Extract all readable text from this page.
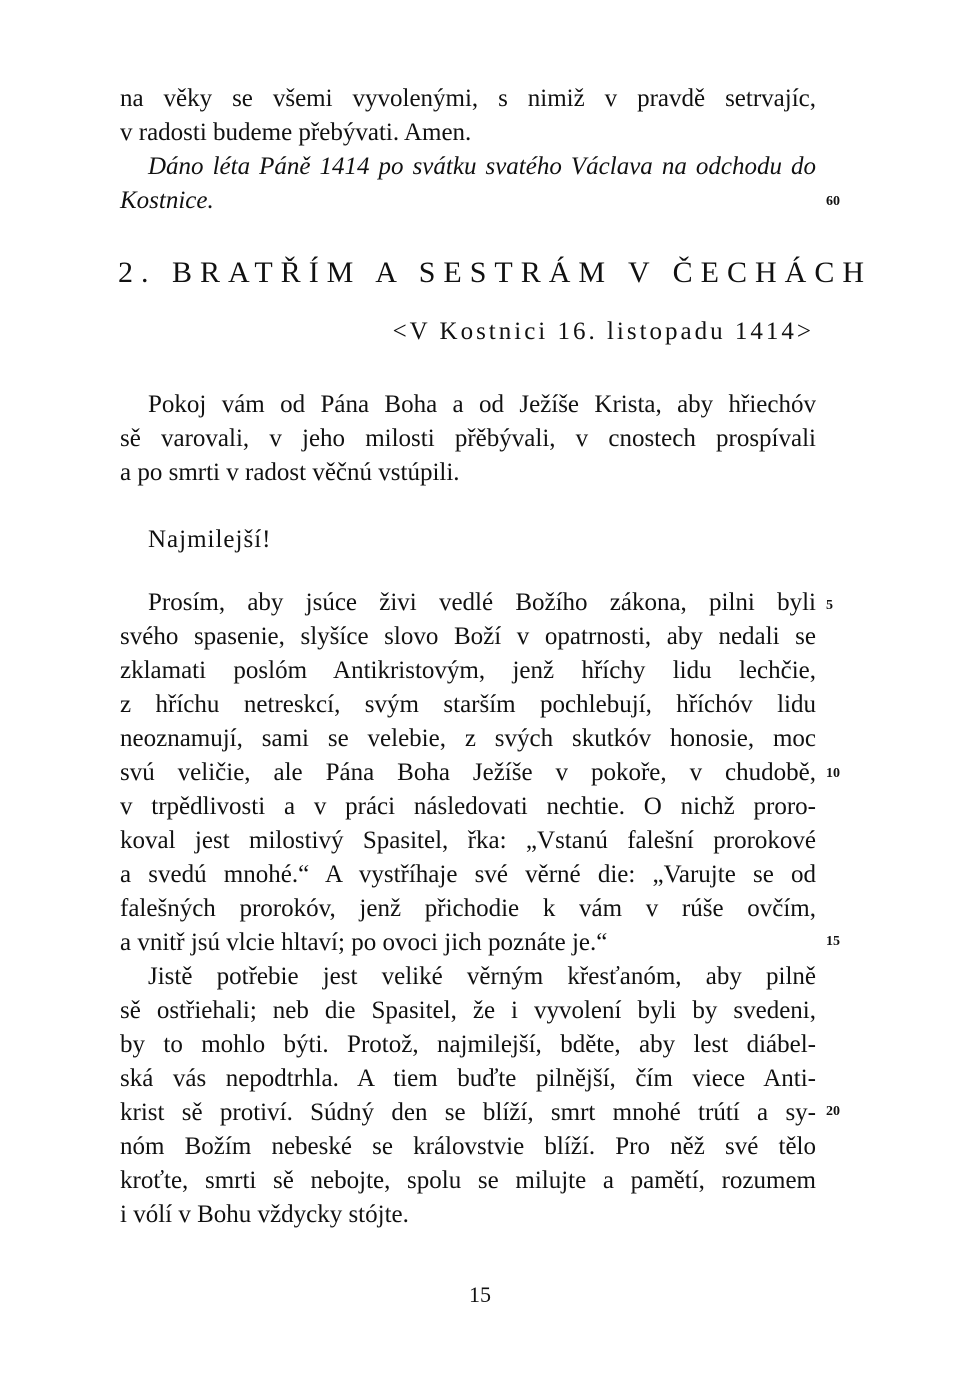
na věky se všemi vyvolenými, s nimiž v pravdě setrvajíc,
v radosti budeme přebývati. Amen.
Dáno léta Páně 1414 po svátku svatého Václava na odchodu do
Kostnice.	60
2. BRATŘÍM A SESTRÁM V ČECHÁCH
<V Kostnici 16. listopadu 1414>
Pokoj vám od Pána Boha a od Ježíše Krista, aby hřiechóv
sě varovali, v jeho milosti přěbývali, v cnostech prospívali
a po smrti v radost věčnú vstúpili.
Najmilejší!
Prosím, aby jsúce živi vedlé Božího zákona, pilni byli
svého spasenie, slyšíce slovo Boží v opatrnosti, aby nedali se
zklamati poslóm Antikristovým, jenž hříchy lidu lechčie,
z hříchu netreskcí, svým starším pochlebují, hříchóv lidu
neoznamují, sami se velebie, z svých skutkóv honosie, moc
svú veličie, ale Pána Boha Ježíše v pokoře, v chudobě,
v trpědlivosti a v práci následovati nechtie. O nichž proro-
koval jest milostivý Spasitel, řka: „Vstanú falešní prorokové
a svedú mnohé.“ A vystříhaje své věrné die: „Varujte se od
falešných prorokóv, jenž přichodie k vám v rúše ovčím,
a vnitř jsú vlcie hltaví; po ovoci jich poznáte je.“
Jistě potřebie jest veliké věrným křesťanóm, aby pilně
sě ostřiehali; neb die Spasitel, že i vyvolení byli by svedeni,
by to mohlo býti. Protož, najmilejší, bděte, aby lest diábel-
ská vás nepodtrhla. A tiem buďte pilnější, čím viece Anti-
krist sě protiví. Súdný den se blíží, smrt mnohé trútí a sy-
nóm Božím nebeské se královstvie blíží. Pro něž své tělo
kroťte, smrti sě nebojte, spolu se milujte a pamětí, rozumem
i vólí v Bohu vždycky stójte.
5
10
15
20
15
